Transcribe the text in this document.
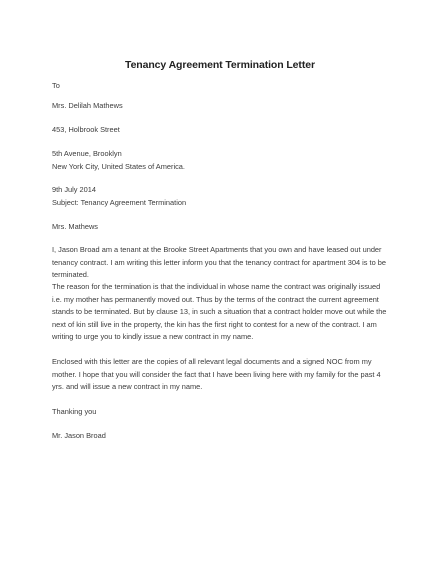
Tenancy Agreement Termination Letter
To
Mrs. Delilah Mathews
453, Holbrook Street
5th Avenue, Brooklyn
New York City, United States of America.
9th July 2014
Subject: Tenancy Agreement Termination
Mrs. Mathews
I, Jason Broad am a tenant at the Brooke Street Apartments that you own and have leased out under tenancy contract. I am writing this letter inform you that the tenancy contract for apartment 304 is to be terminated.
The reason for the termination is that the individual in whose name the contract was originally issued i.e. my mother has permanently moved out. Thus by the terms of the contract the current agreement stands to be terminated. But by clause 13, in such a situation that a contract holder move out while the next of kin still live in the property, the kin has the first right to contest for a new of the contract. I am writing to urge you to kindly issue a new contract in my name.
Enclosed with this letter are the copies of all relevant legal documents and a signed NOC from my mother. I hope that you will consider the fact that I have been living here with my family for the past 4 yrs. and will issue a new contract in my name.
Thanking you
Mr. Jason Broad
